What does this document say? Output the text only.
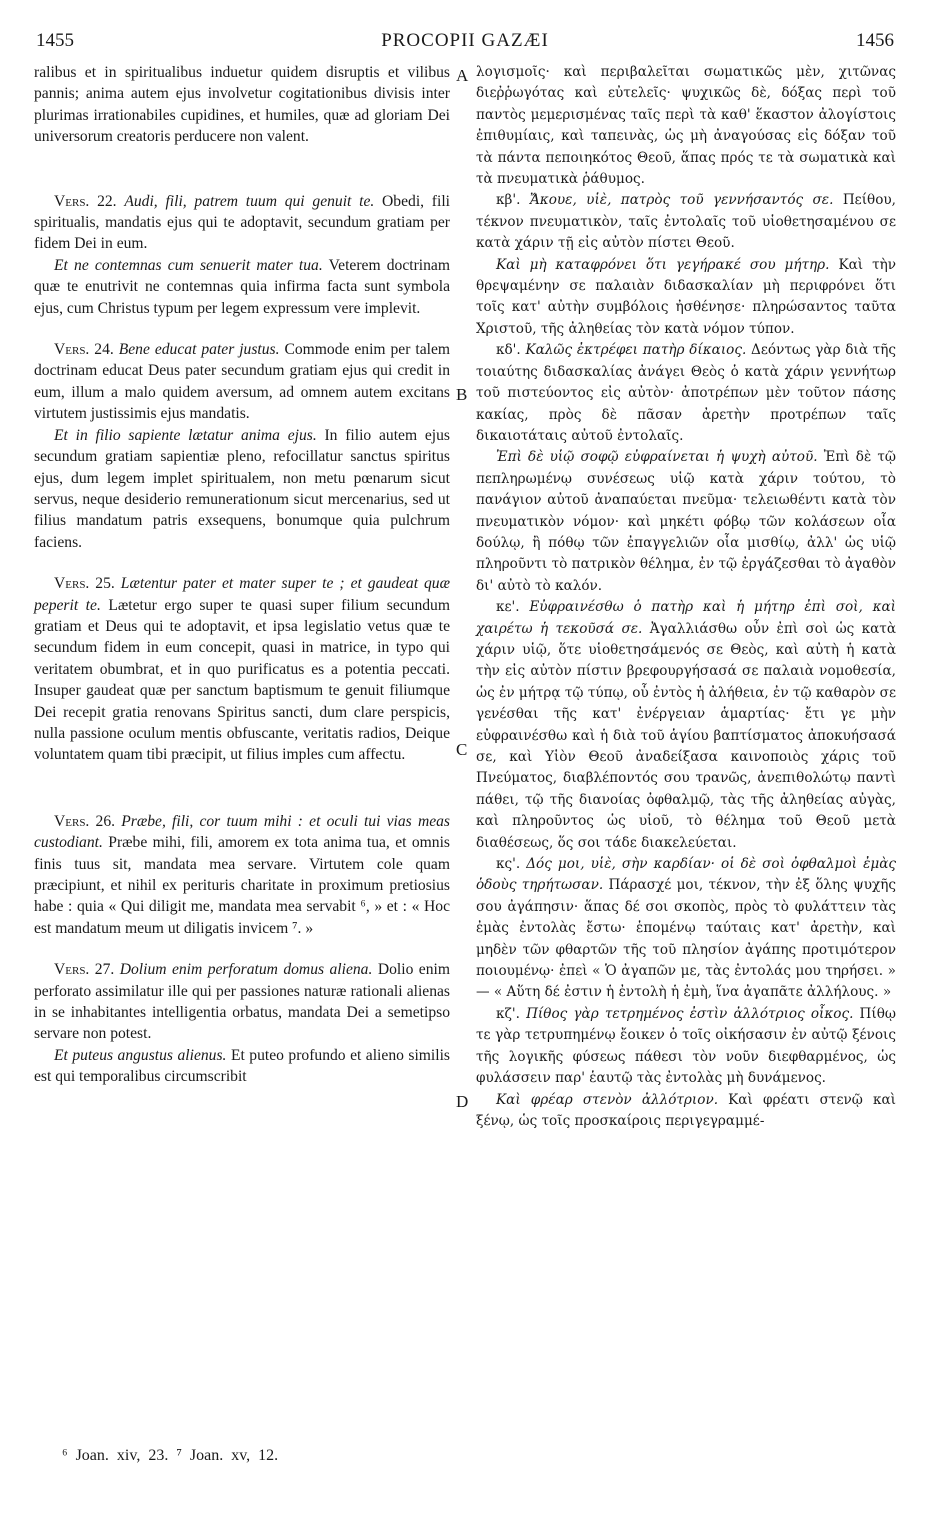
1455	PROCOPII GAZÆI	1456
A
B
C
D

ralibus et in spiritualibus induetur quidem disruptis et vilibus pannis; anima autem ejus involvetur cogitationibus divisis inter plurimas irrationabiles cupidines, et humiles, quæ ad gloriam Dei universorum creatoris perducere non valent.

Vers. 22. Audi, fili, patrem tuum qui genuit te. Obedi, fili spiritualis, mandatis ejus qui te adoptavit, secundum gratiam per fidem Dei in eum.

Et ne contemnas cum senuerit mater tua. Veterem doctrinam quæ te enutrivit ne contemnas quia infirma facta sunt symbola ejus, cum Christus typum per legem expressum vere implevit.

Vers. 24. Bene educat pater justus. Commode enim per talem doctrinam educat Deus pater secundum gratiam ejus qui credit in eum, illum a malo quidem aversum, ad omnem autem excitans virtutem justissimis ejus mandatis.

Et in filio sapiente lætatur anima ejus. In filio autem ejus secundum gratiam sapientiæ pleno, refocillatur sanctus spiritus ejus, dum legem implet spiritualem, non metu pœnarum sicut servus, neque desiderio remunerationum sicut mercenarius, sed ut filius mandatum patris exsequens, bonumque quia pulchrum faciens.

Vers. 25. Lætentur pater et mater super te ; et gaudeat quæ peperit te. Lætetur ergo super te quasi super filium secundum gratiam et Deus qui te adoptavit, et ipsa legislatio vetus quæ te secundum fidem in eum concepit, quasi in matrice, in typo qui veritatem obumbrat, et in quo purificatus es a potentia peccati. Insuper gaudeat quæ per sanctum baptismum te genuit filiumque Dei recepit gratia renovans Spiritus sancti, dum clare perspicis, nulla passione oculum mentis obfuscante, veritatis radios, Deique voluntatem quam tibi præcipit, ut filius imples cum affectu.

Vers. 26. Præbe, fili, cor tuum mihi : et oculi tui vias meas custodiant. Præbe mihi, fili, amorem ex tota anima tua, et omnis finis tuus sit, mandata mea servare. Virtutem cole quam præcipiunt, et nihil ex perituris charitate in proximum pretiosius habe : quia « Qui diligit me, mandata mea servabit ⁶, » et : « Hoc est mandatum meum ut diligatis invicem ⁷. »

Vers. 27. Dolium enim perforatum domus aliena. Dolio enim perforato assimilatur ille qui per passiones naturæ rationali alienas in se inhabitantes intelligentia orbatus, mandata Dei a semetipso servare non potest.

Et puteus angustus alienus. Et puteo profundo et alieno similis est qui temporalibus circumscribit

λογισμοῖς· καὶ περιβαλεῖται σωματικῶς μὲν, χιτῶνας διεῤῥωγότας καὶ εὐτελεῖς· ψυχικῶς δὲ, δόξας περὶ τοῦ παντὸς μεμερισμένας ταῖς περὶ τὰ καθ' ἕκαστον ἀλογίστοις ἐπιθυμίαις, καὶ ταπεινὰς, ὡς μὴ ἀναγούσας εἰς δόξαν τοῦ τὰ πάντα πεποιηκότος Θεοῦ, ἅπας πρός τε τὰ σωματικὰ καὶ τὰ πνευματικὰ ῥάθυμος.

κβ'. Ἄκουε, υἱὲ, πατρὸς τοῦ γεννήσαντός σε. Πείθου, τέκνον πνευματικὸν, ταῖς ἐντολαῖς τοῦ υἱοθετησαμένου σε κατὰ χάριν τῇ εἰς αὐτὸν πίστει Θεοῦ.

Καὶ μὴ καταφρόνει ὅτι γεγήρακέ σου μήτηρ. Καὶ τὴν θρεψαμένην σε παλαιὰν διδασκαλίαν μὴ περιφρόνει ὅτι τοῖς κατ' αὐτὴν συμβόλοις ἠσθένησε· πληρώσαντος ταῦτα Χριστοῦ, τῆς ἀληθείας τὸν κατὰ νόμον τύπον.

κδ'. Καλῶς ἐκτρέφει πατὴρ δίκαιος. Δεόντως γὰρ διὰ τῆς τοιαύτης διδασκαλίας ἀνάγει Θεὸς ὁ κατὰ χάριν γεννήτωρ τοῦ πιστεύοντος εἰς αὐτὸν· ἀποτρέπων μὲν τοῦτον πάσης κακίας, πρὸς δὲ πᾶσαν ἀρετὴν προτρέπων ταῖς δικαιοτάταις αὐτοῦ ἐντολαῖς.

Ἐπὶ δὲ υἱῷ σοφῷ εὐφραίνεται ἡ ψυχὴ αὐτοῦ. Ἐπὶ δὲ τῷ πεπληρωμένῳ συνέσεως υἱῷ κατὰ χάριν τούτου, τὸ πανάγιον αὐτοῦ ἀναπαύεται πνεῦμα· τελειωθέντι κατὰ τὸν πνευματικὸν νόμον· καὶ μηκέτι φόβῳ τῶν κολάσεων οἷα δούλῳ, ἢ πόθῳ τῶν ἐπαγγελιῶν οἷα μισθίῳ, ἀλλ' ὡς υἱῷ πληροῦντι τὸ πατρικὸν θέλημα, ἐν τῷ ἐργάζεσθαι τὸ ἀγαθὸν δι' αὐτὸ τὸ καλόν.

κε'. Εὐφραινέσθω ὁ πατὴρ καὶ ἡ μήτηρ ἐπὶ σοὶ, καὶ χαιρέτω ἡ τεκοῦσά σε. Ἀγαλλιάσθω οὖν ἐπὶ σοὶ ὡς κατὰ χάριν υἱῷ, ὅτε υἱοθετησάμενός σε Θεὸς, καὶ αὐτὴ ἡ κατὰ τὴν εἰς αὐτὸν πίστιν βρεφουργήσασά σε παλαιὰ νομοθεσία, ὡς ἐν μήτρᾳ τῷ τύπῳ, οὗ ἐντὸς ἡ ἀλήθεια, ἐν τῷ καθαρὸν σε γενέσθαι τῆς κατ' ἐνέργειαν ἁμαρτίας· ἔτι γε μὴν εὐφραινέσθω καὶ ἡ διὰ τοῦ ἁγίου βαπτίσματος ἀποκυήσασά σε, καὶ Υἱὸν Θεοῦ ἀναδείξασα καινοποιὸς χάρις τοῦ Πνεύματος, διαβλέποντός σου τρανῶς, ἀνεπιθολώτῳ παντὶ πάθει, τῷ τῆς διανοίας ὀφθαλμῷ, τὰς τῆς ἀληθείας αὐγὰς, καὶ πληροῦντος ὡς υἱοῦ, τὸ θέλημα τοῦ Θεοῦ μετὰ διαθέσεως, ὅς σοι τάδε διακελεύεται.

κς'. Δός μοι, υἱὲ, σὴν καρδίαν· οἱ δὲ σοὶ ὀφθαλμοὶ ἐμὰς ὁδοὺς τηρήτωσαν. Πάρασχέ μοι, τέκνον, τὴν ἐξ ὅλης ψυχῆς σου ἀγάπησιν· ἅπας δέ σοι σκοπὸς, πρὸς τὸ φυλάττειν τὰς ἐμὰς ἐντολὰς ἔστω· ἑπομένῳ ταύταις κατ' ἀρετὴν, καὶ μηδὲν τῶν φθαρτῶν τῆς τοῦ πλησίον ἀγάπης προτιμότερον ποιουμένῳ· ἐπεὶ « Ὁ ἀγαπῶν με, τὰς ἐντολάς μου τηρήσει. » — « Αὕτη δέ ἐστιν ἡ ἐντολὴ ἡ ἐμὴ, ἵνα ἀγαπᾶτε ἀλλήλους. »

κζ'. Πίθος γὰρ τετρημένος ἐστὶν ἀλλότριος οἶκος. Πίθῳ τε γὰρ τετρυπημένῳ ἔοικεν ὁ τοῖς οἰκήσασιν ἐν αὐτῷ ξένοις τῆς λογικῆς φύσεως πάθεσι τὸν νοῦν διεφθαρμένος, ὡς φυλάσσειν παρ' ἑαυτῷ τὰς ἐντολὰς μὴ δυνάμενος.

Καὶ φρέαρ στενὸν ἀλλότριον. Καὶ φρέατι στενῷ καὶ ξένῳ, ὡς τοῖς προσκαίροις περιγεγραμμέ-

⁶ Joan. xiv, 23. ⁷ Joan. xv, 12.
